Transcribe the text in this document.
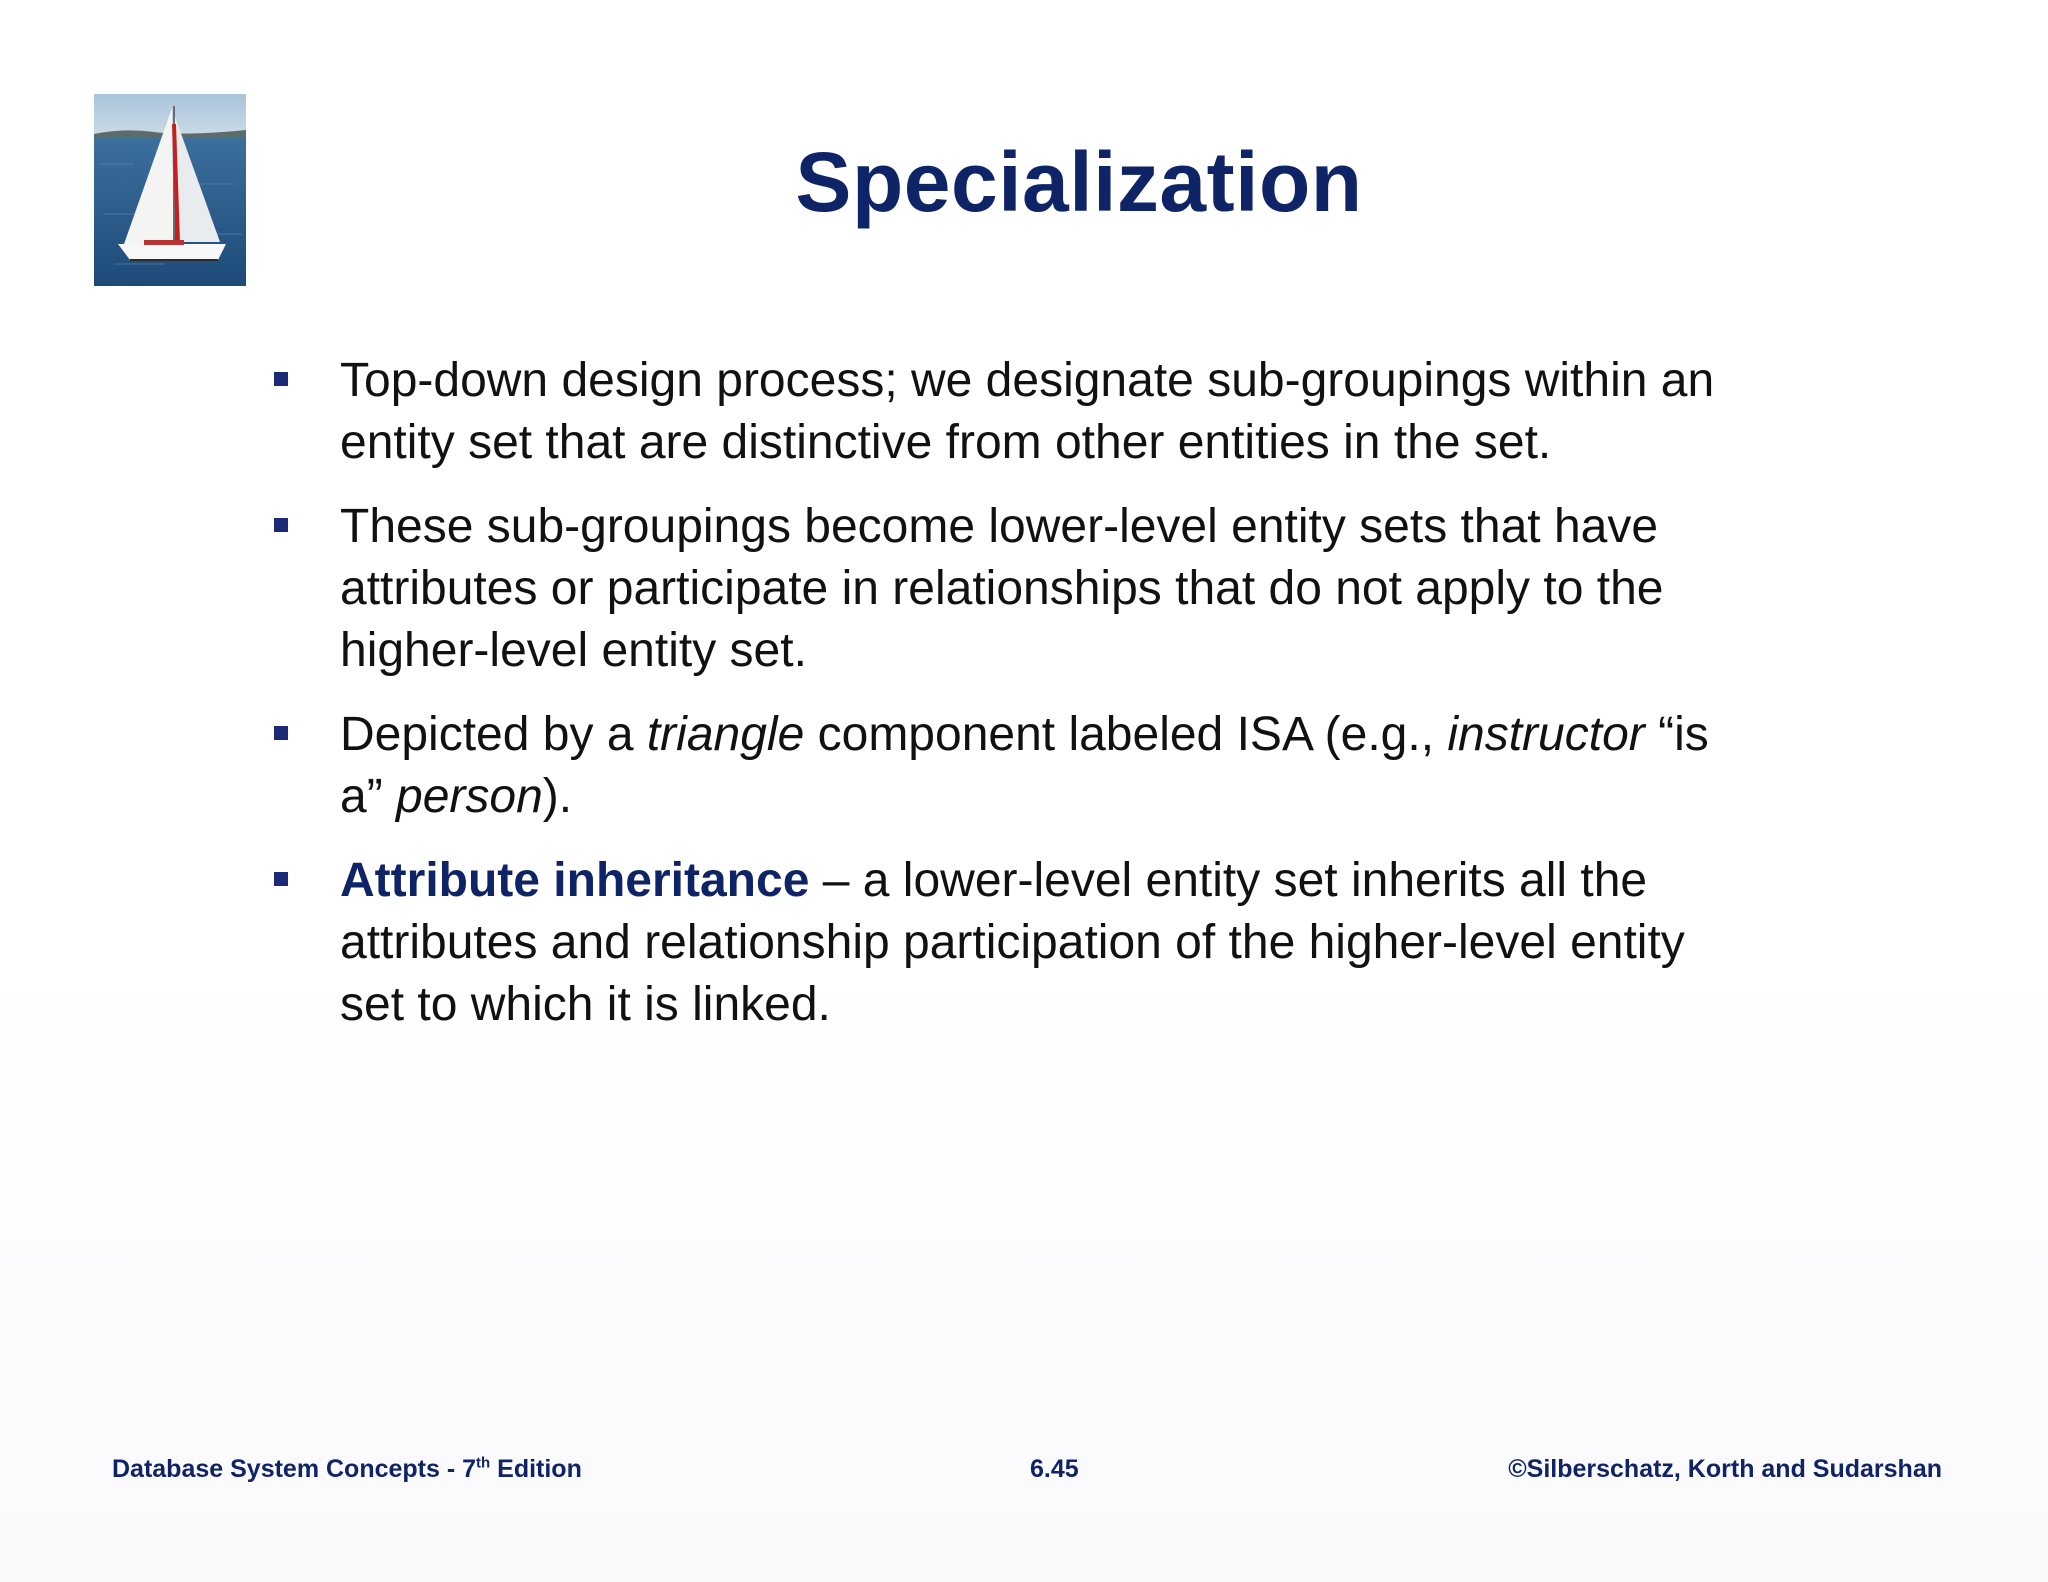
Specialization
Top-down design process; we designate sub-groupings within an entity set that are distinctive from other entities in the set.
These sub-groupings become lower-level entity sets that have attributes or participate in relationships that do not apply to the higher-level entity set.
Depicted by a triangle component labeled ISA (e.g., instructor “is a” person).
Attribute inheritance – a lower-level entity set inherits all the attributes and relationship participation of the higher-level entity set to which it is linked.
Database System Concepts - 7th Edition	6.45	©Silberschatz, Korth and Sudarshan
